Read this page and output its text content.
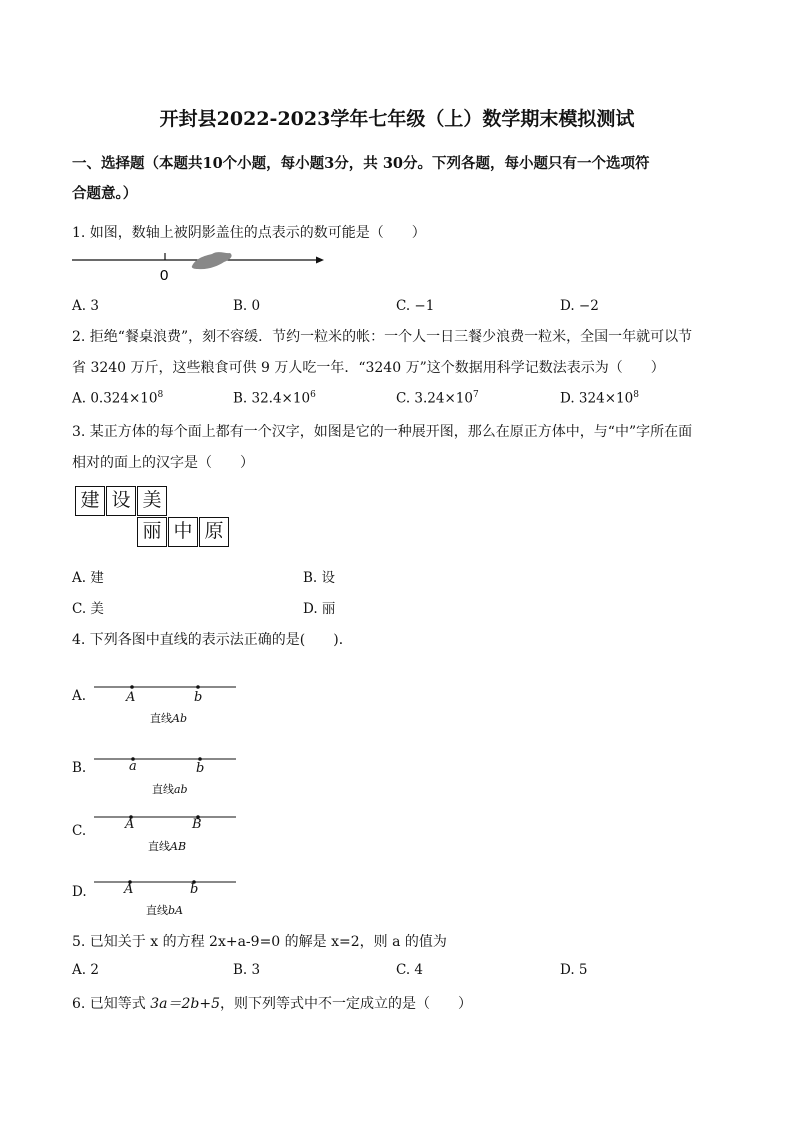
开封县2022-2023学年七年级（上）数学期末模拟测试
一、选择题（本题共10个小题，每小题3分，共 30分。下列各题，每小题只有一个选项符
合题意。）
1. 如图，数轴上被阴影盖住的点表示的数可能是（　　）
0
A. 3	B. 0	C. −1	D. −2
2. 拒绝“餐桌浪费”，刻不容缓．节约一粒米的帐：一个人一日三餐少浪费一粒米，全国一年就可以节
省 3240 万斤，这些粮食可供 9 万人吃一年．“3240 万”这个数据用科学记数法表示为（　　）
A. $0.324\times 10^8$	B. $32.4\times 10^6$	C. $3.24\times 10^7$	D. $324\times 10^8$
3. 某正方体的每个面上都有一个汉字，如图是它的一种展开图，那么在原正方体中，与“中”字所在面
相对的面上的汉字是（　　）
建 设 美
丽 中 原
A. 建	B. 设
C. 美	D. 丽
4. 下列各图中直线的表示法正确的是(　　)．
A.	A	b
直线Ab
B.	a	b
直线ab
C.	A	B
直线AB
D.	A	b
直线bA
5. 已知关于 x 的方程 2x+a-9=0 的解是 x=2，则 a 的值为
A. 2	B. 3	C. 4	D. 5
6. 已知等式 3a＝2b+5，则下列等式中不一定成立的是（　　）
